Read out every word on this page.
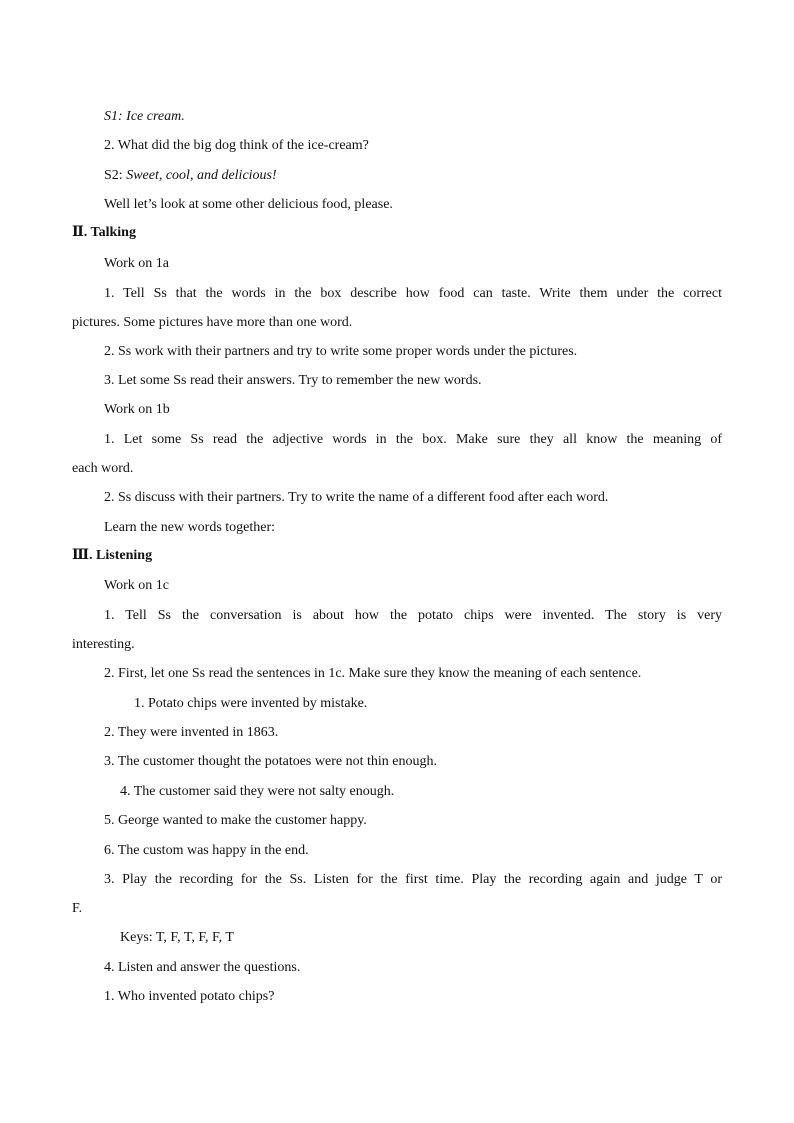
S1: Ice cream.
2. What did the big dog think of the ice-cream?
S2: Sweet, cool, and delicious!
Well let’s look at some other delicious food, please.
Ⅱ. Talking
Work on 1a
1. Tell Ss that the words in the box describe how food can taste. Write them under the correct
pictures. Some pictures have more than one word.
2. Ss work with their partners and try to write some proper words under the pictures.
3. Let some Ss read their answers. Try to remember the new words.
Work on 1b
1. Let some Ss read the adjective words in the box. Make sure they all know the meaning of
each word.
2. Ss discuss with their partners. Try to write the name of a different food after each word.
Learn the new words together:
Ⅲ. Listening
Work on 1c
1. Tell Ss the conversation is about how the potato chips were invented. The story is very
interesting.
2. First, let one Ss read the sentences in 1c. Make sure they know the meaning of each sentence.
1. Potato chips were invented by mistake.
2. They were invented in 1863.
3. The customer thought the potatoes were not thin enough.
4. The customer said they were not salty enough.
5. George wanted to make the customer happy.
6. The custom was happy in the end.
3. Play the recording for the Ss. Listen for the first time. Play the recording again and judge T or
F.
Keys: T, F, T, F, F, T
4. Listen and answer the questions.
1. Who invented potato chips?
